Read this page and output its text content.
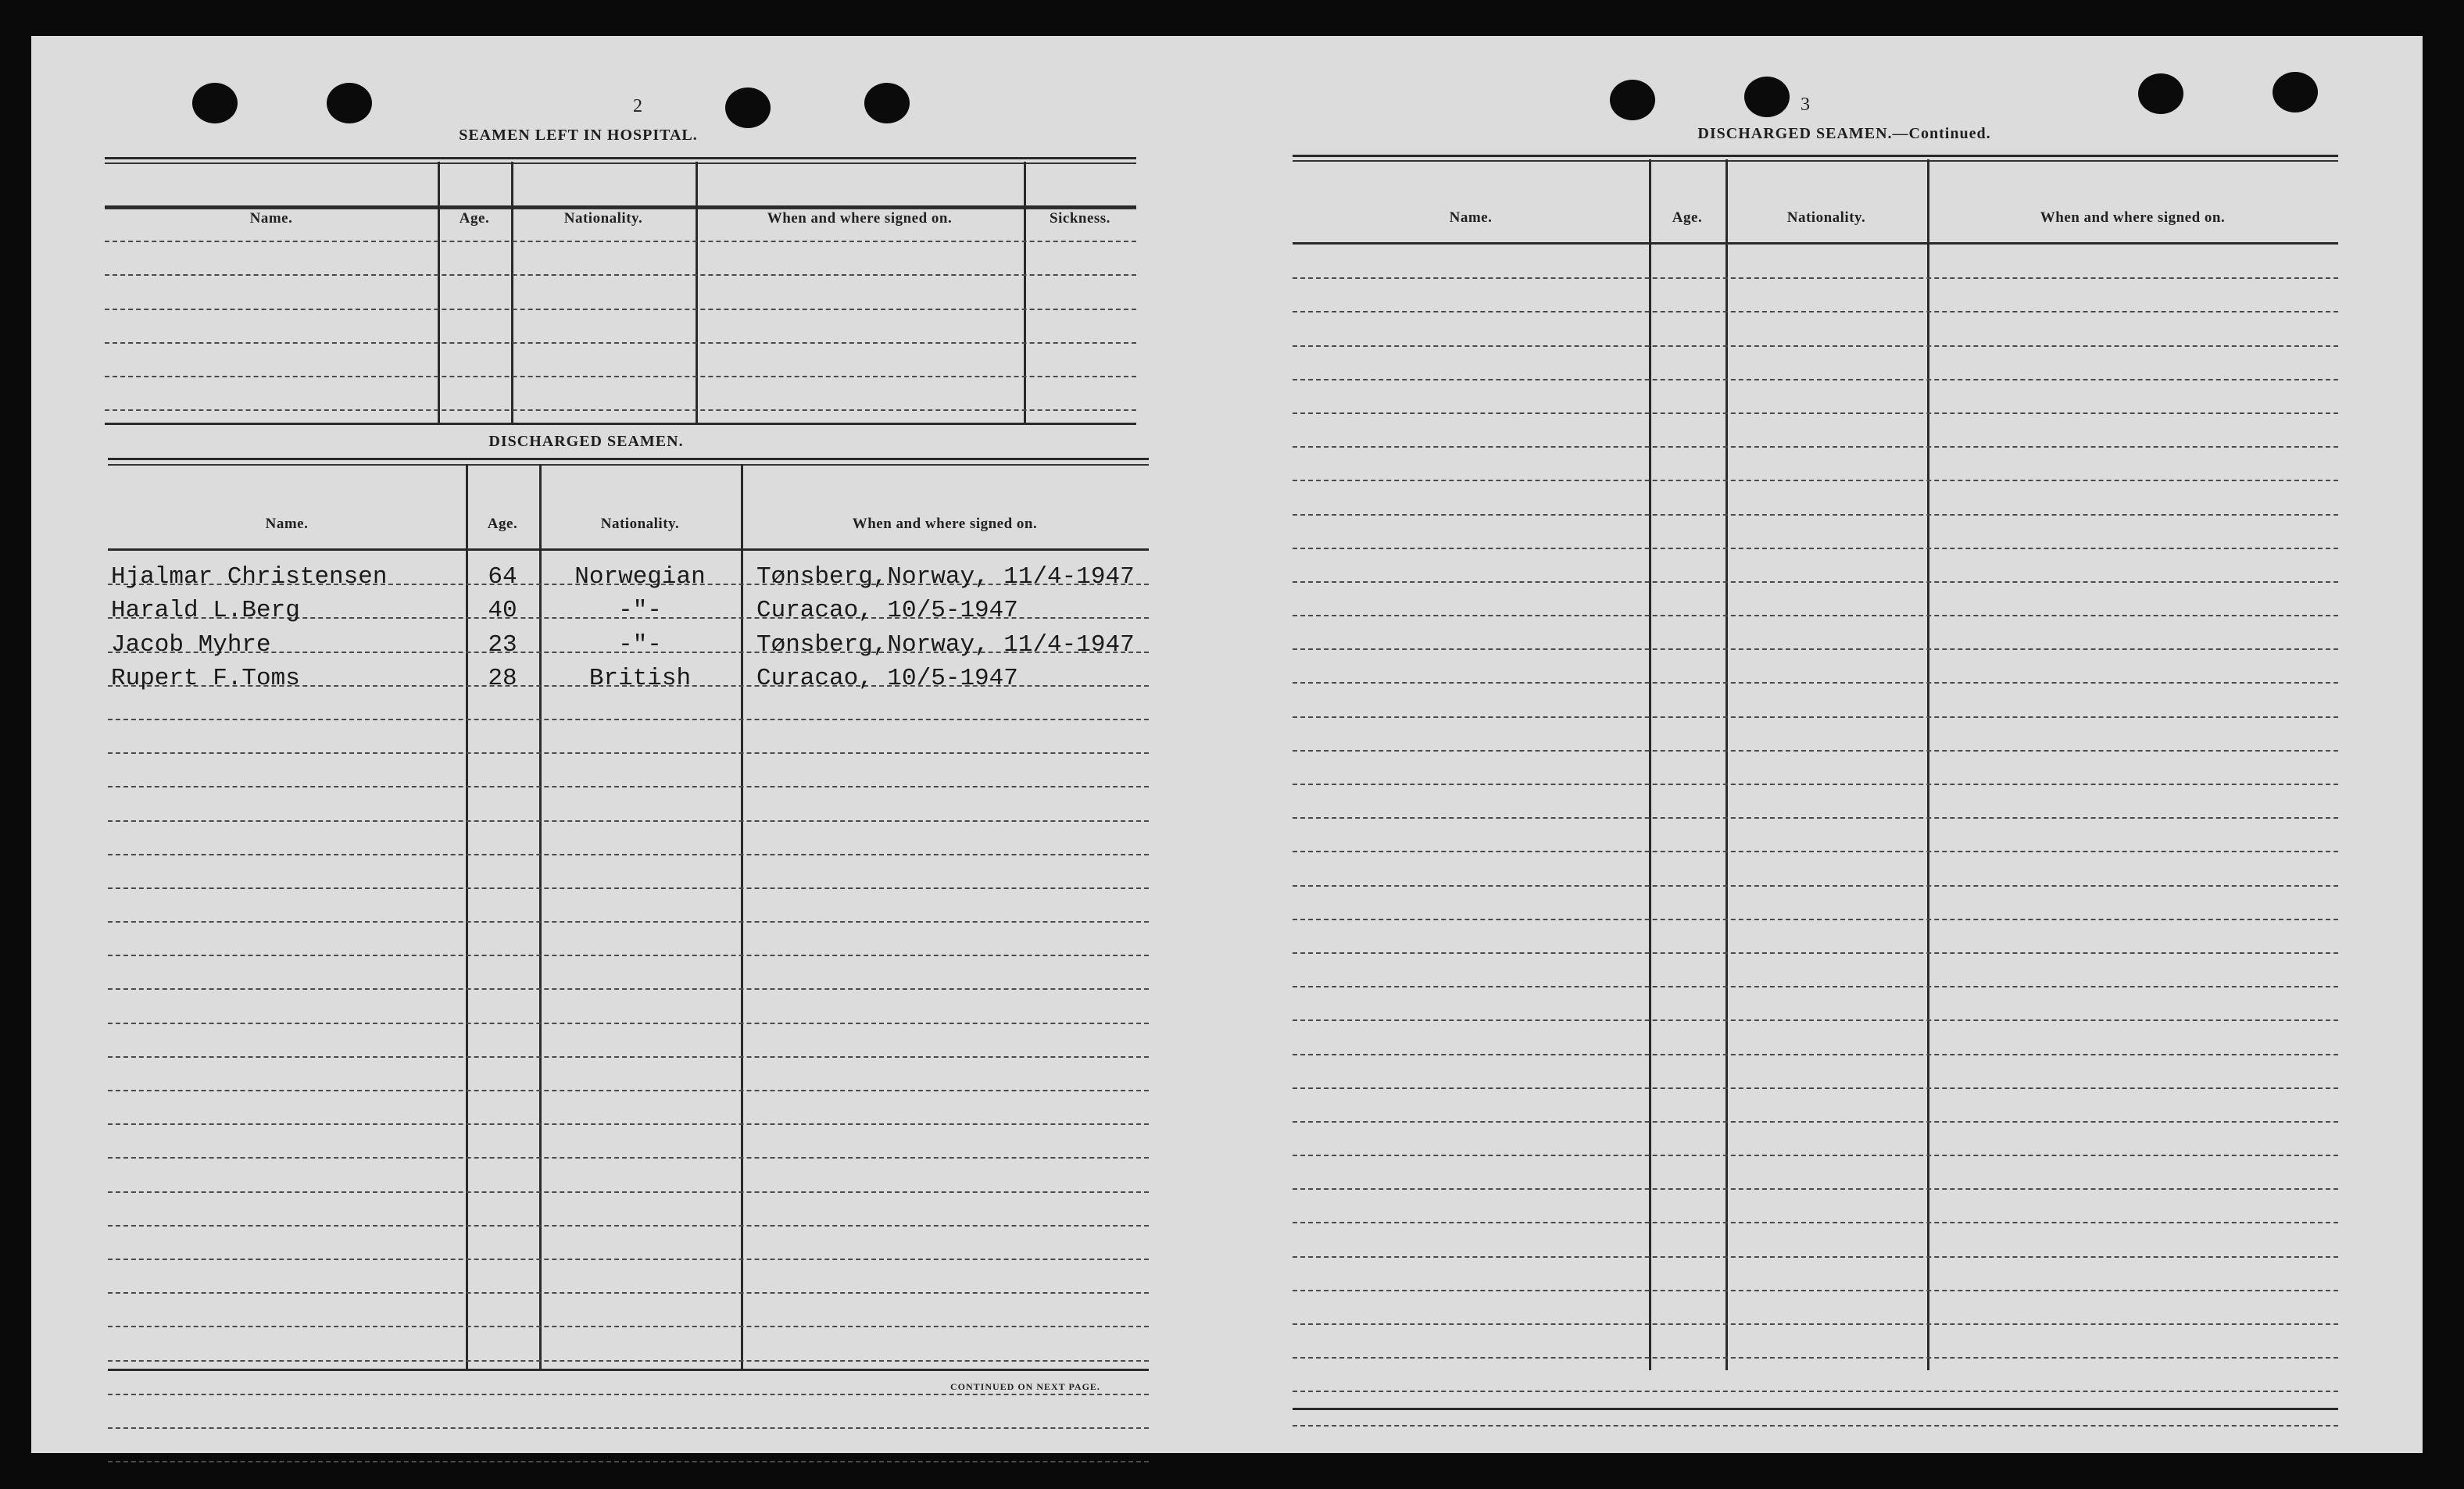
2
SEAMEN LEFT IN HOSPITAL.
Name.	Age.	Nationality.	When and where signed on.	Sickness.
DISCHARGED SEAMEN.
Name.	Age.	Nationality.	When and where signed on.
Hjalmar Christensen	64	Norwegian	Tønsberg,Norway, 11/4-1947
Harald L.Berg	40	-"-	Curacao, 10/5-1947
Jacob Myhre	23	-"-	Tønsberg,Norway, 11/4-1947
Rupert F.Toms	28	British	Curacao, 10/5-1947
CONTINUED ON NEXT PAGE.
3
DISCHARGED SEAMEN.—Continued.
Name.	Age.	Nationality.	When and where signed on.
